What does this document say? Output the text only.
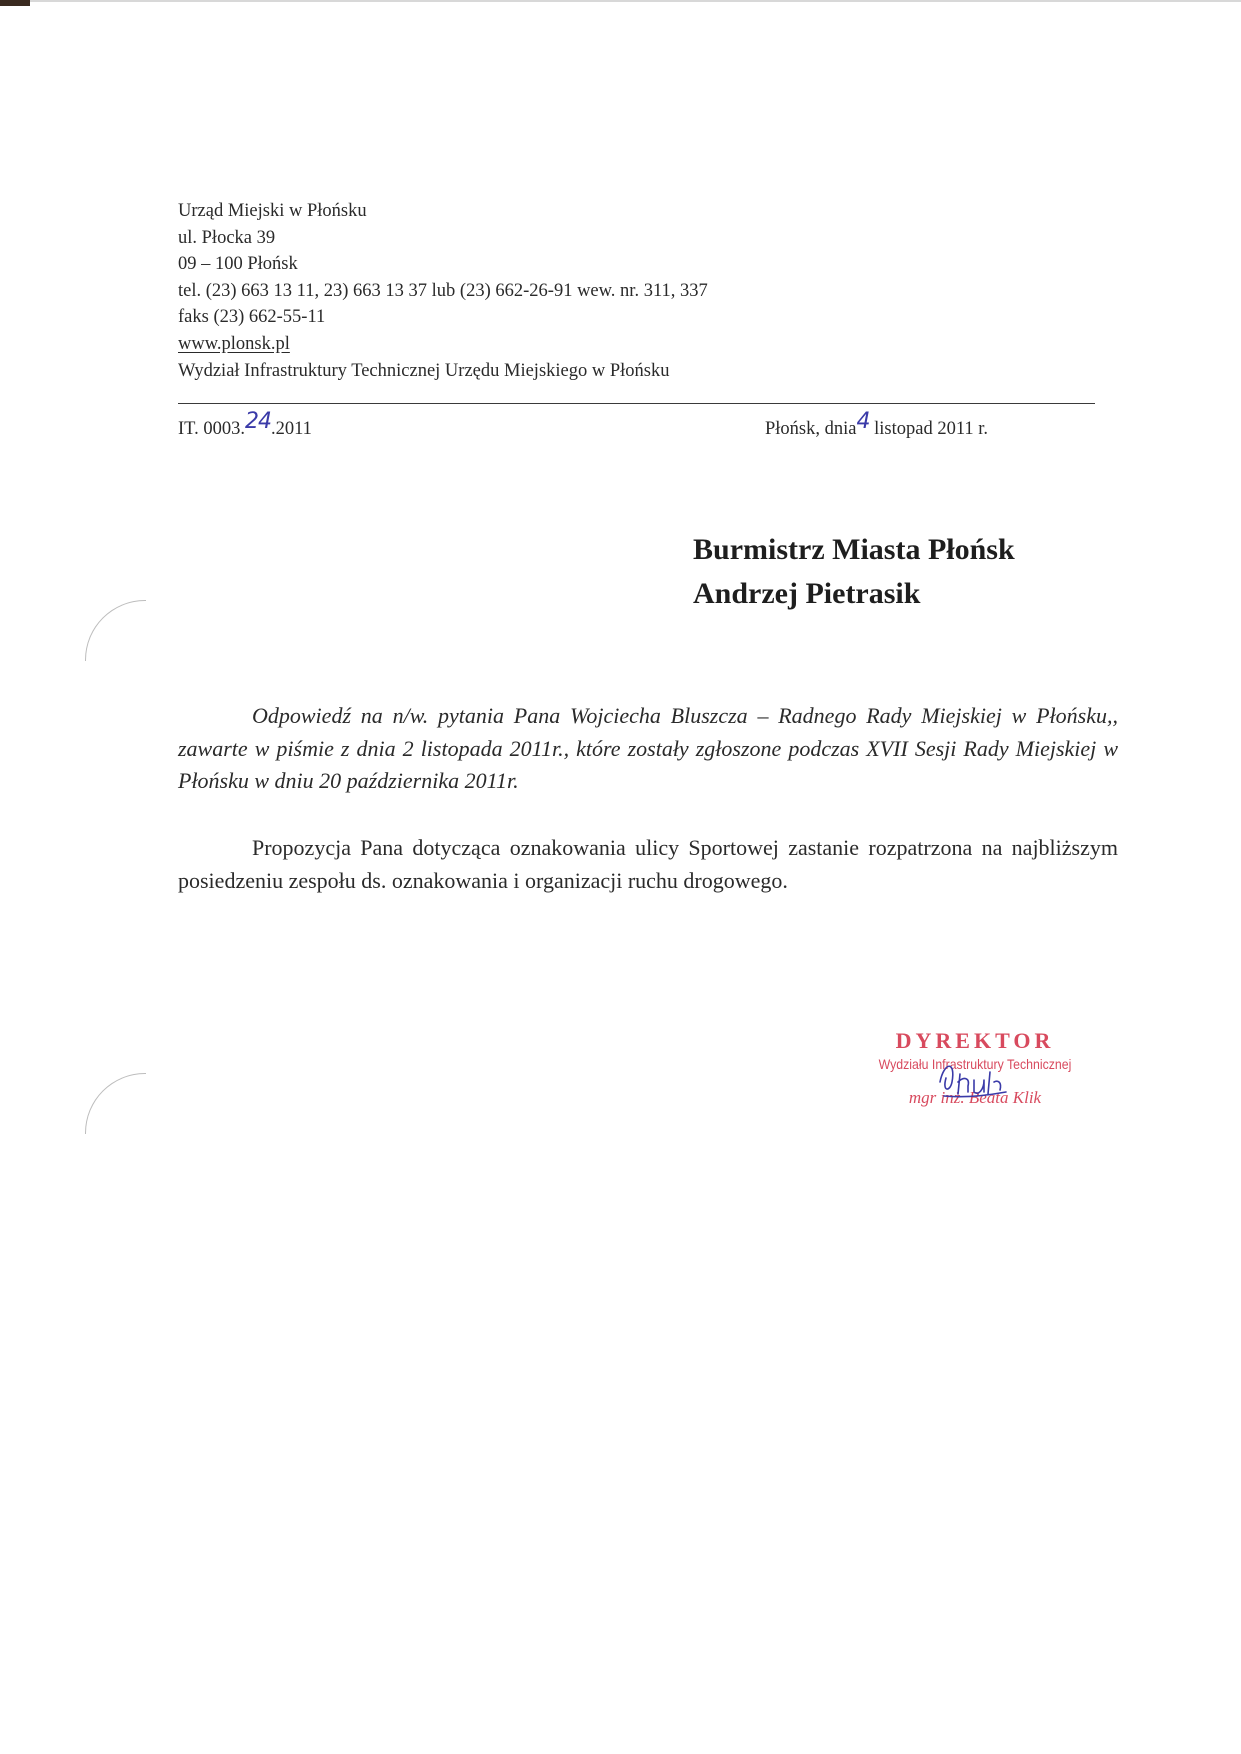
Urząd Miejski w Płońsku
ul. Płocka 39
09 – 100 Płońsk
tel. (23) 663 13 11, 23) 663 13 37 lub (23) 662-26-91 wew. nr. 311, 337
faks (23) 662-55-11
www.plonsk.pl
Wydział Infrastruktury Technicznej Urzędu Miejskiego w Płońsku
IT. 0003.24.2011	Płońsk, dnia4 listopad 2011 r.
Burmistrz Miasta Płońsk
Andrzej Pietrasik

Odpowiedź na n/w. pytania Pana Wojciecha Bluszcza – Radnego Rady Miejskiej w Płońsku,, zawarte w piśmie z dnia 2 listopada 2011r., które zostały zgłoszone podczas XVII Sesji Rady Miejskiej w Płońsku w dniu 20 października 2011r.

Propozycja Pana dotycząca oznakowania ulicy Sportowej zastanie rozpatrzona na najbliższym posiedzeniu zespołu ds. oznakowania i organizacji ruchu drogowego.

DYREKTOR
Wydziału Infrastruktury Technicznej
mgr inż. Beata Klik
